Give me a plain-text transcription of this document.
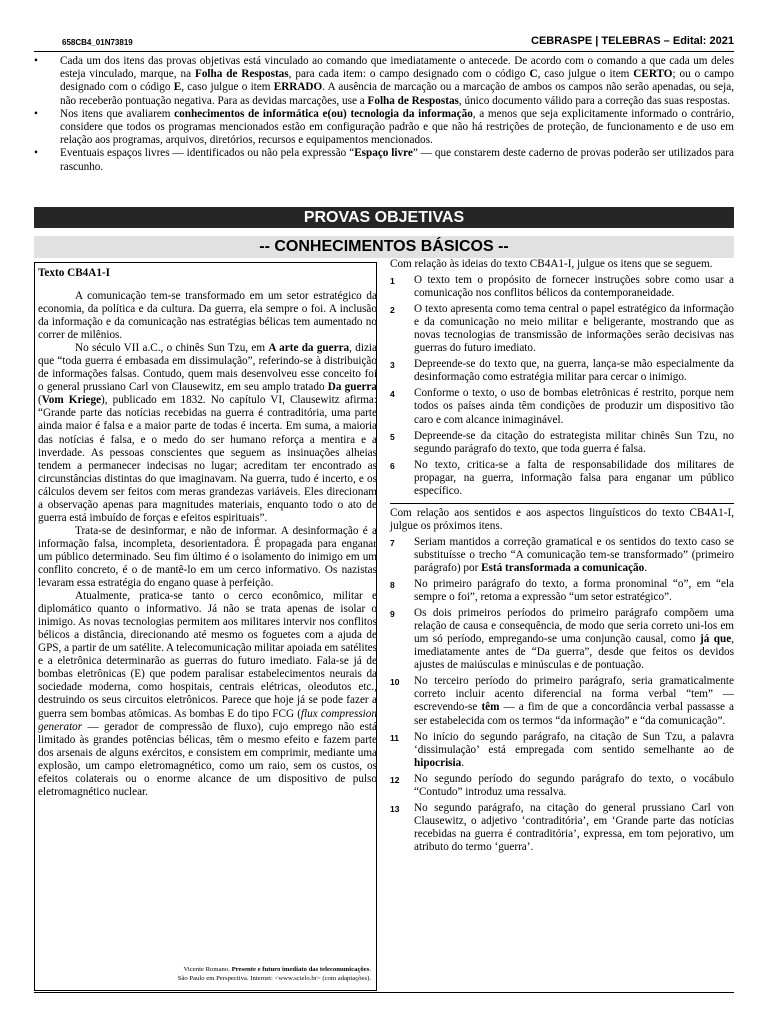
658CB4_01N73819	CEBRASPE | TELEBRAS – Edital: 2021
• Cada um dos itens das provas objetivas está vinculado ao comando que imediatamente o antecede. De acordo com o comando a que cada um deles esteja vinculado, marque, na Folha de Respostas, para cada item: o campo designado com o código C, caso julgue o item CERTO; ou o campo designado com o código E, caso julgue o item ERRADO. A ausência de marcação ou a marcação de ambos os campos não serão apenadas, ou seja, não receberão pontuação negativa. Para as devidas marcações, use a Folha de Respostas, único documento válido para a correção das suas respostas.
• Nos itens que avaliarem conhecimentos de informática e(ou) tecnologia da informação, a menos que seja explicitamente informado o contrário, considere que todos os programas mencionados estão em configuração padrão e que não há restrições de proteção, de funcionamento e de uso em relação aos programas, arquivos, diretórios, recursos e equipamentos mencionados.
• Eventuais espaços livres — identificados ou não pela expressão “Espaço livre” — que constarem deste caderno de provas poderão ser utilizados para rascunho.
PROVAS OBJETIVAS
-- CONHECIMENTOS BÁSICOS --
Texto CB4A1-I

A comunicação tem-se transformado em um setor estratégico da economia, da política e da cultura. Da guerra, ela sempre o foi. A inclusão da informação e da comunicação nas estratégias bélicas tem aumentado no correr de milênios.

No século VII a.C., o chinês Sun Tzu, em A arte da guerra, dizia que “toda guerra é embasada em dissimulação”, referindo-se à distribuição de informações falsas. Contudo, quem mais desenvolveu esse conceito foi o general prussiano Carl von Clausewitz, em seu amplo tratado Da guerra (Vom Kriege), publicado em 1832. No capítulo VI, Clausewitz afirma: “Grande parte das notícias recebidas na guerra é contraditória, uma parte ainda maior é falsa e a maior parte de todas é incerta. Em suma, a maioria das notícias é falsa, e o medo do ser humano reforça a mentira e a inverdade. As pessoas conscientes que seguem as insinuações alheias tendem a permanecer indecisas no lugar; acreditam ter encontrado as circunstâncias distintas do que imaginavam. Na guerra, tudo é incerto, e os cálculos devem ser feitos com meras grandezas variáveis. Eles direcionam a observação apenas para magnitudes materiais, enquanto todo o ato de guerra está imbuído de forças e efeitos espirituais”.

Trata-se de desinformar, e não de informar. A desinformação é a informação falsa, incompleta, desorientadora. É propagada para enganar um público determinado. Seu fim último é o isolamento do inimigo em um conflito concreto, é o de mantê-lo em um cerco informativo. Os nazistas levaram essa estratégia do engano quase à perfeição.

Atualmente, pratica-se tanto o cerco econômico, militar e diplomático quanto o informativo. Já não se trata apenas de isolar o inimigo. As novas tecnologias permitem aos militares intervir nos conflitos bélicos a distância, direcionando até mesmo os foguetes com a ajuda de GPS, a partir de um satélite. A telecomunicação militar apoiada em satélites e a eletrônica determinarão as guerras do futuro imediato. Fala-se já de bombas eletrônicas (E) que podem paralisar estabelecimentos neurais da sociedade moderna, como hospitais, centrais elétricas, oleodutos etc., destruindo os seus circuitos eletrônicos. Parece que hoje já se pode fazer a guerra sem bombas atômicas. As bombas E do tipo FCG (flux compression generator — gerador de compressão de fluxo), cujo emprego não está limitado às grandes potências bélicas, têm o mesmo efeito e fazem parte dos arsenais de alguns exércitos, e consistem em comprimir, mediante uma explosão, um campo eletromagnético, como um raio, sem os custos, os efeitos colaterais ou o enorme alcance de um dispositivo de pulso eletromagnético nuclear.

Vicente Romano. Presente e futuro imediato das telecomunicações.
São Paulo em Perspectiva. Internet: <www.scielo.br> (com adaptações).
Com relação às ideias do texto CB4A1-I, julgue os itens que se seguem.
1 O texto tem o propósito de fornecer instruções sobre como usar a comunicação nos conflitos bélicos da contemporaneidade.
2 O texto apresenta como tema central o papel estratégico da informação e da comunicação no meio militar e beligerante, mostrando que as novas tecnologias de transmissão de informações serão decisivas nas guerras do futuro imediato.
3 Depreende-se do texto que, na guerra, lança-se mão especialmente da desinformação como estratégia militar para cercar o inimigo.
4 Conforme o texto, o uso de bombas eletrônicas é restrito, porque nem todos os países ainda têm condições de produzir um dispositivo tão caro e com alcance inimaginável.
5 Depreende-se da citação do estrategista militar chinês Sun Tzu, no segundo parágrafo do texto, que toda guerra é falsa.
6 No texto, critica-se a falta de responsabilidade dos militares de propagar, na guerra, informação falsa para enganar um público específico.
Com relação aos sentidos e aos aspectos linguísticos do texto CB4A1-I, julgue os próximos itens.
7 Seriam mantidos a correção gramatical e os sentidos do texto caso se substituísse o trecho “A comunicação tem-se transformado” (primeiro parágrafo) por Está transformada a comunicação.
8 No primeiro parágrafo do texto, a forma pronominal “o”, em “ela sempre o foi”, retoma a expressão “um setor estratégico”.
9 Os dois primeiros períodos do primeiro parágrafo compõem uma relação de causa e consequência, de modo que seria correto uni-los em um só período, empregando-se uma conjunção causal, como já que, imediatamente antes de “Da guerra”, desde que feitos os devidos ajustes de maiúsculas e minúsculas e de pontuação.
10 No terceiro período do primeiro parágrafo, seria gramaticalmente correto incluir acento diferencial na forma verbal “tem” — escrevendo-se têm — a fim de que a concordância verbal passasse a ser estabelecida com os termos “da informação” e “da comunicação”.
11 No início do segundo parágrafo, na citação de Sun Tzu, a palavra ‘dissimulação’ está empregada com sentido semelhante ao de hipocrisia.
12 No segundo período do segundo parágrafo do texto, o vocábulo “Contudo” introduz uma ressalva.
13 No segundo parágrafo, na citação do general prussiano Carl von Clausewitz, o adjetivo ‘contraditória’, em ‘Grande parte das notícias recebidas na guerra é contraditória’, expressa, em tom pejorativo, um atributo do termo ‘guerra’.
